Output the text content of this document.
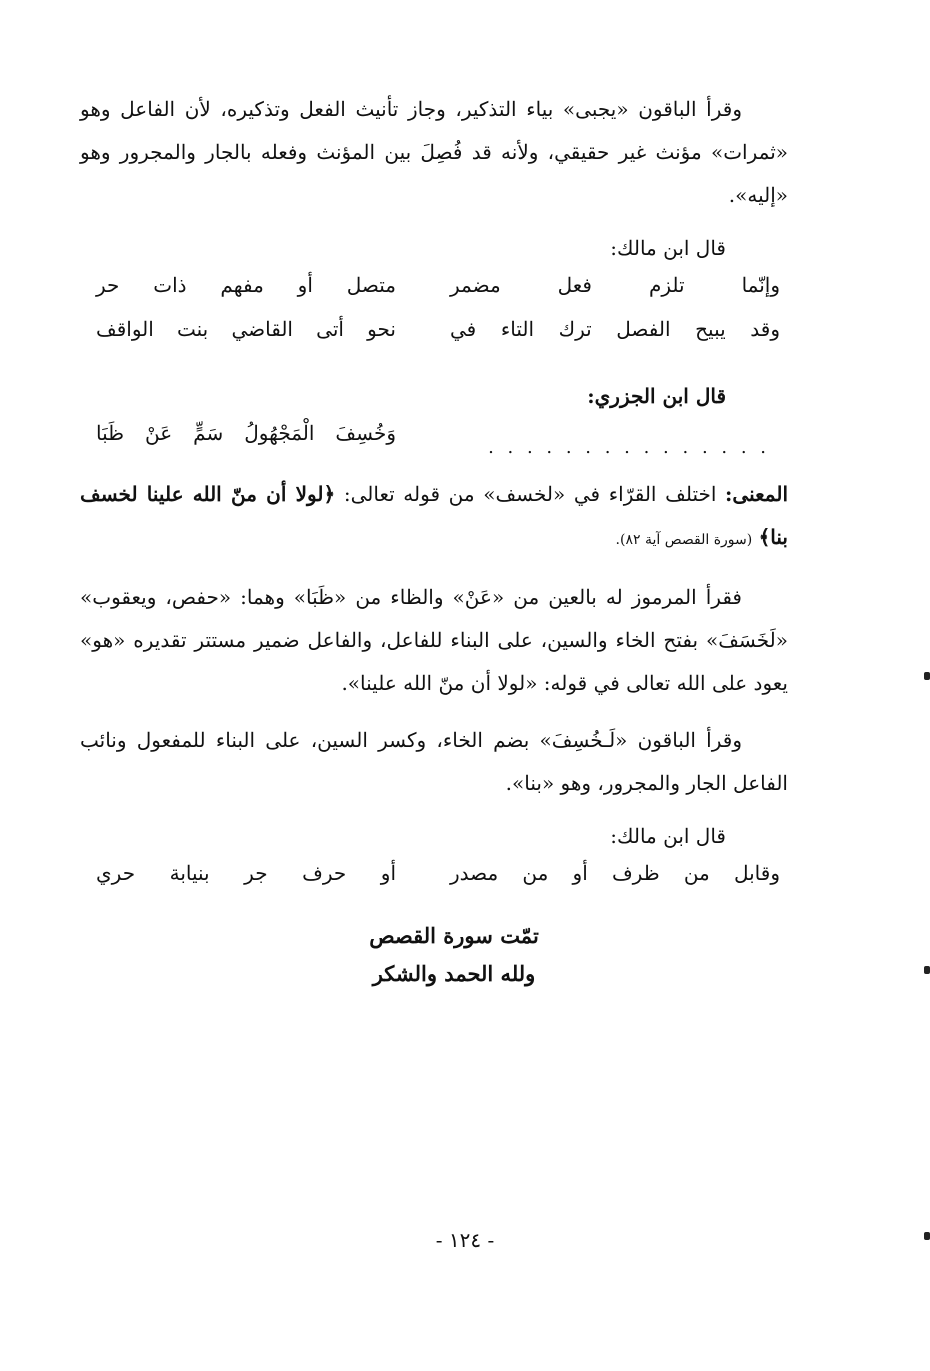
وقرأ الباقون «يجبى» بياء التذكير، وجاز تأنيث الفعل وتذكيره، لأن الفاعل وهو «ثمرات» مؤنث غير حقيقي، ولأنه قد فُصِلَ بين المؤنث وفعله بالجار والمجرور وهو «إليه».

قال ابن مالك:
وإنّما تلزم فعل مضمر
متصل أو مفهم ذات حر
وقد يبيح الفصل ترك التاء في
نحو أتى القاضي بنت الواقف
قال ابن الجزري:
وَخُسِفَ الْمَجْهُولُ سَمٍّ عَنْ ظَبَا
. . . . . . . . . . . . . . .

المعنى: اختلف القرّاء في «لخسف» من قوله تعالى: ﴿لولا أن منّ الله علينا لخسف بنا﴾ (سورة القصص آية ٨٢).

فقرأ المرموز له بالعين من «عَنْ» والظاء من «ظَبَا» وهما: «حفص، ويعقوب» «لَخَسَفَ» بفتح الخاء والسين، على البناء للفاعل، والفاعل ضمير مستتر تقديره «هو» يعود على الله تعالى في قوله: «لولا أن منّ الله علينا».

وقرأ الباقون «لَـخُسِفَ» بضم الخاء، وكسر السين، على البناء للمفعول ونائب الفاعل الجار والمجرور، وهو «بنا».

قال ابن مالك:
وقابل من ظرف أو من مصدر
أو حرف جر بنيابة حري
تمّت سورة القصص
ولله الحمد والشكر
- ١٢٤ -
